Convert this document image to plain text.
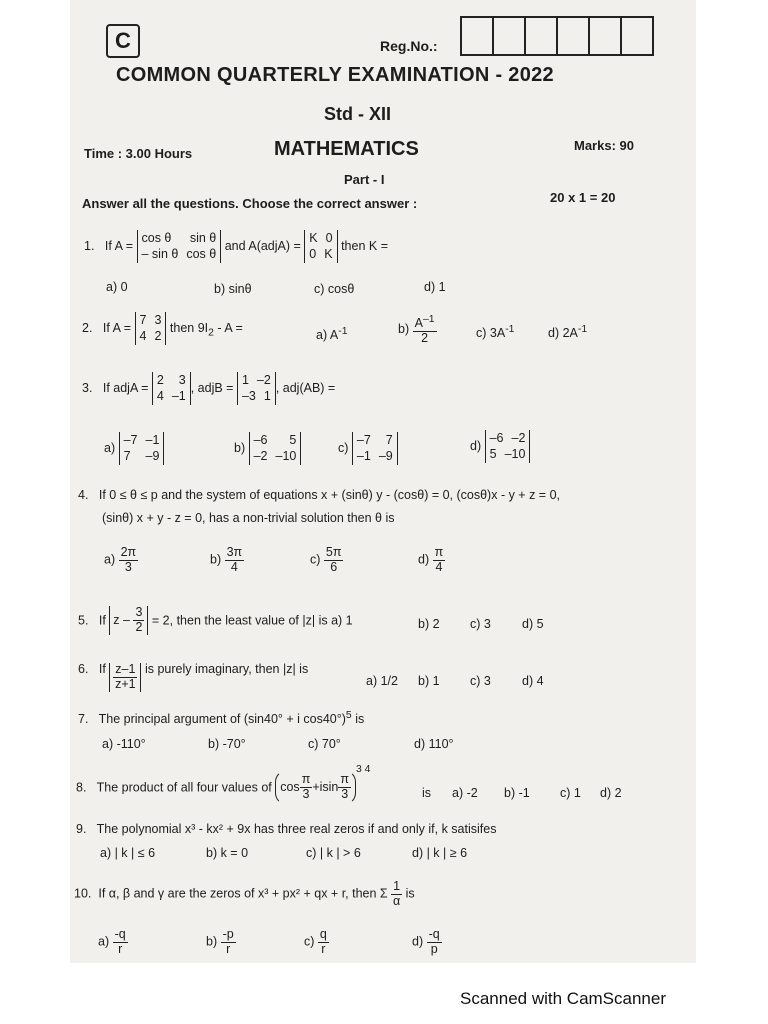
C	Reg.No.:
COMMON QUARTERLY EXAMINATION - 2022
Std - XII
Time : 3.00 Hours	MATHEMATICS	Marks: 90
Part - I
Answer all the questions. Choose the correct answer :	20 x 1 = 20
1. If A =
cos θ sin θ
– sin θ cos θ
and A(adjA) =
K 0
0 K
then K =
a) 0	b) sinθ	c) cosθ	d) 1
2. If A =
7 3
4 2
then $9I_2$ - A =
a) $A^{-1}$	$b) \frac{A^{-1}}{2}$	c) $3A^{-1}$	d) $2A^{-1}$
3. If adjA =
2 3
4 –1
, adjB =
1 –2
–3 1
, adj(AB) =
a)
–7 –1
7 –9
b)
–6 5
–2 –10
c)
–7 7
–1 –9
d)
–6 –2
5 –10
4. If 0 ≤ θ ≤ p and the system of equations x + (sinθ) y - (cosθ) = 0, (cosθ)x - y + z = 0,
(sinθ) x + y - z = 0, has a non-trivial solution then θ is
$a) \frac{2\pi}{3}$	$b) \frac{3\pi}{4}$	$c) \frac{5\pi}{6}$	$d) \frac{\pi}{4}$
5. If z –
$\frac{3}{2} = 2$, then the least value of |z| is a) 1	b) 2 c) 3 d) 5
6. If $\frac{z-1}{z+1}$ is purely imaginary, then |z| is
a) 1/2 b) 1 c) 3 d) 4
7. The principal argument of (sin40° + i cos40°)$^5$ is
a) -110°	b) -70°	c) 70°	d) 110°
8. The product of all four values of $\cos \frac{\pi}{3} +isin \frac{\pi}{3}$
$^{3 4}$
is a) -2 b) -1 c) 1 d) 2
9. The polynomial x³ - kx² + 9x has three real zeros if and only if, k satisifes
a) | k | ≤ 6	b) k = 0	c) | k | > 6	d) | k | ≥ 6
10. If α, β and γ are the zeros of x³ + px² + qx + r, then Σ $\frac{1}{\alpha}$ is
$a) \frac{-q}{r}$	$b) \frac{-p}{r}$	$c) \frac{q}{r}$	$d) \frac{-q}{p}$
Scanned with CamScanner
